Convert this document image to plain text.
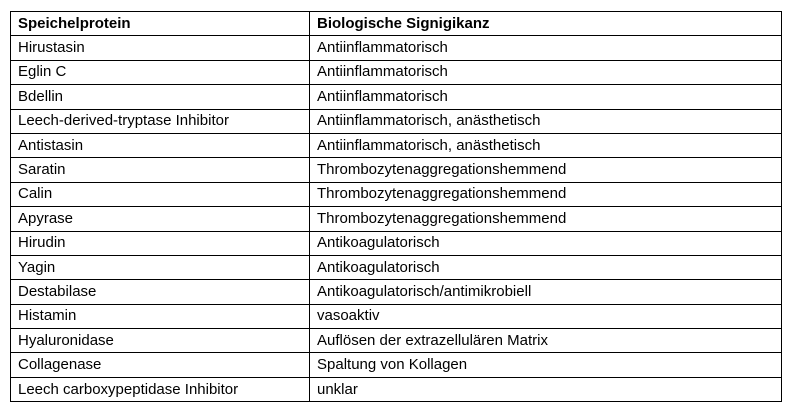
Speichelprotein	Biologische Signigikanz
Hirustasin	Antiinflammatorisch
Eglin C	Antiinflammatorisch
Bdellin	Antiinflammatorisch
Leech-derived-tryptase Inhibitor	Antiinflammatorisch, anästhetisch
Antistasin	Antiinflammatorisch, anästhetisch
Saratin	Thrombozytenaggregationshemmend
Calin	Thrombozytenaggregationshemmend
Apyrase	Thrombozytenaggregationshemmend
Hirudin	Antikoagulatorisch
Yagin	Antikoagulatorisch
Destabilase	Antikoagulatorisch/antimikrobiell
Histamin	vasoaktiv
Hyaluronidase	Auflösen der extrazellulären Matrix
Collagenase	Spaltung von Kollagen
Leech carboxypeptidase Inhibitor	unklar
